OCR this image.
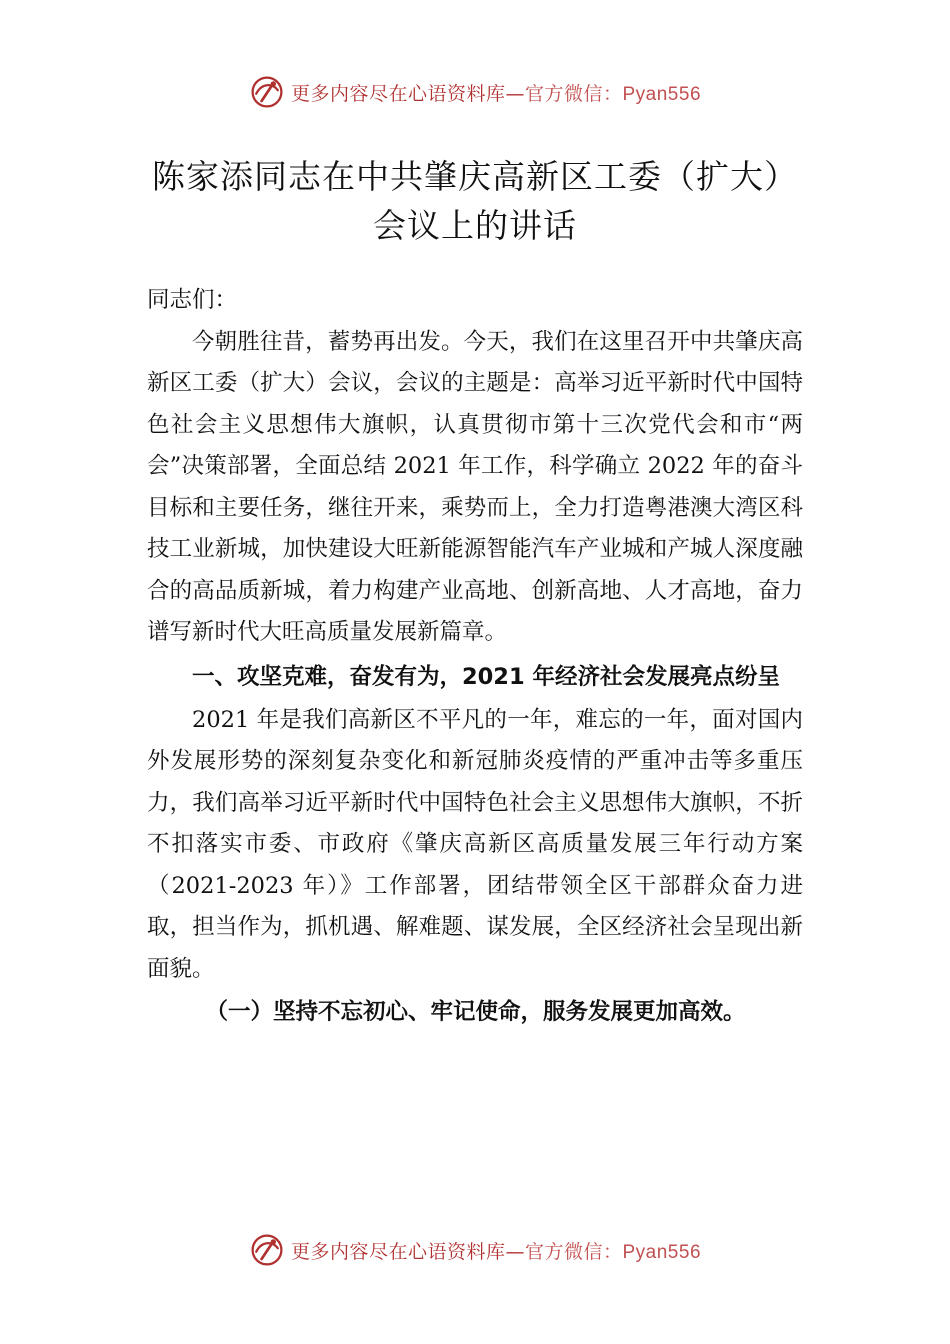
更多内容尽在心语资料库—官方微信：Pyan556
陈家添同志在中共肇庆高新区工委（扩大）会议上的讲话

同志们：

今朝胜往昔，蓄势再出发。今天，我们在这里召开中共肇庆高新区工委（扩大）会议，会议的主题是：高举习近平新时代中国特色社会主义思想伟大旗帜，认真贯彻市第十三次党代会和市“两会”决策部署，全面总结 2021 年工作，科学确立 2022 年的奋斗目标和主要任务，继往开来，乘势而上，全力打造粤港澳大湾区科技工业新城，加快建设大旺新能源智能汽车产业城和产城人深度融合的高品质新城，着力构建产业高地、创新高地、人才高地，奋力谱写新时代大旺高质量发展新篇章。

一、攻坚克难，奋发有为，2021 年经济社会发展亮点纷呈

2021 年是我们高新区不平凡的一年，难忘的一年，面对国内外发展形势的深刻复杂变化和新冠肺炎疫情的严重冲击等多重压力，我们高举习近平新时代中国特色社会主义思想伟大旗帜，不折不扣落实市委、市政府《肇庆高新区高质量发展三年行动方案（2021-2023 年）》工作部署，团结带领全区干部群众奋力进取，担当作为，抓机遇、解难题、谋发展，全区经济社会呈现出新面貌。

（一）坚持不忘初心、牢记使命，服务发展更加高效。

更多内容尽在心语资料库—官方微信：Pyan556
